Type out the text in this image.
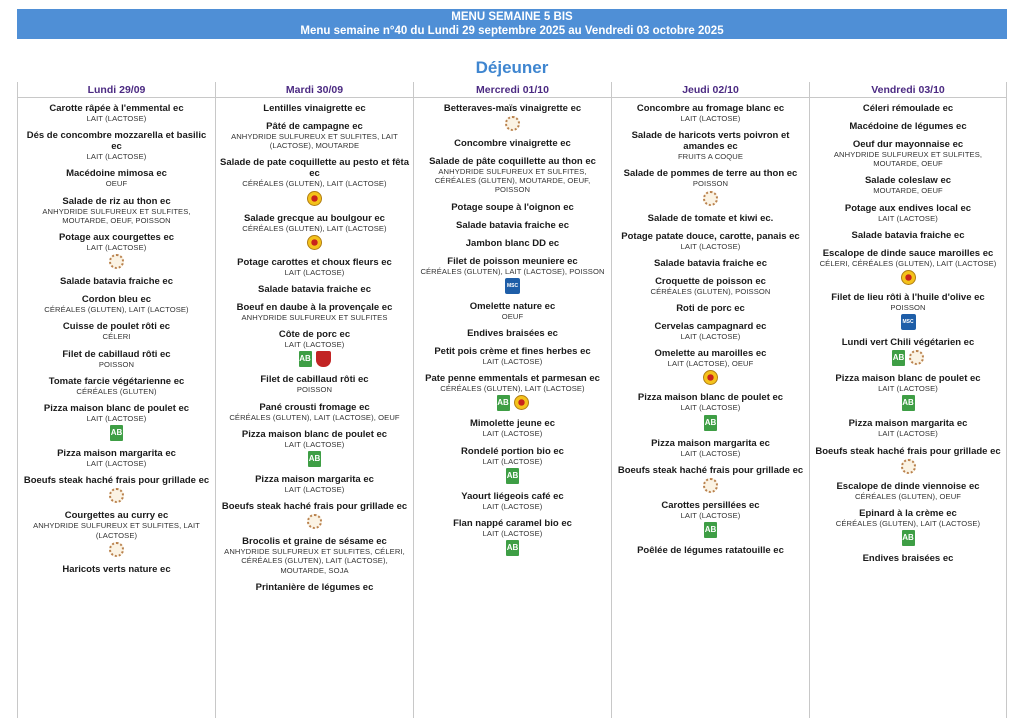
MENU SEMAINE 5 BIS
Menu semaine n°40 du Lundi 29 septembre 2025 au Vendredi 03 octobre 2025
Déjeuner
Lundi 29/09
Carotte râpée à l'emmental ec
LAIT (LACTOSE)
Dés de concombre mozzarella et basilic ec
LAIT (LACTOSE)
Macédoine mimosa ec
OEUF
Salade de riz au thon ec
ANHYDRIDE SULFUREUX ET SULFITES, MOUTARDE, OEUF, POISSON
Potage aux courgettes ec
LAIT (LACTOSE)
Salade batavia fraiche ec
Cordon bleu ec
CÉRÉALES (GLUTEN), LAIT (LACTOSE)
Cuisse de poulet rôti ec
CÉLERI
Filet de cabillaud rôti ec
POISSON
Tomate farcie végétarienne ec
CÉRÉALES (GLUTEN)
Pizza maison blanc de poulet ec
LAIT (LACTOSE)
AB
Pizza maison margarita ec
LAIT (LACTOSE)
Boeufs steak haché frais pour grillade ec
Courgettes au curry ec
ANHYDRIDE SULFUREUX ET SULFITES, LAIT (LACTOSE)
Haricots verts nature ec
Mardi 30/09
Lentilles vinaigrette ec
Pâté de campagne ec
ANHYDRIDE SULFUREUX ET SULFITES, LAIT (LACTOSE), MOUTARDE
Salade de pate coquillette au pesto et fêta ec
CÉRÉALES (GLUTEN), LAIT (LACTOSE)
Salade grecque au boulgour ec
CÉRÉALES (GLUTEN), LAIT (LACTOSE)
Potage carottes et choux fleurs ec
LAIT (LACTOSE)
Salade batavia fraiche ec
Boeuf en daube à la provençale ec
ANHYDRIDE SULFUREUX ET SULFITES
Côte de porc ec
LAIT (LACTOSE)
AB
Filet de cabillaud rôti ec
POISSON
Pané crousti fromage ec
CÉRÉALES (GLUTEN), LAIT (LACTOSE), OEUF
Pizza maison blanc de poulet ec
LAIT (LACTOSE)
AB
Pizza maison margarita ec
LAIT (LACTOSE)
Boeufs steak haché frais pour grillade ec
Brocolis et graine de sésame ec
ANHYDRIDE SULFUREUX ET SULFITES, CÉLERI, CÉRÉALES (GLUTEN), LAIT (LACTOSE), MOUTARDE, SOJA
Printanière de légumes ec
Mercredi 01/10
Betteraves-maïs vinaigrette ec
Concombre vinaigrette ec
Salade de pâte coquillette au thon ec
ANHYDRIDE SULFUREUX ET SULFITES, CÉRÉALES (GLUTEN), MOUTARDE, OEUF, POISSON
Potage soupe à l'oignon ec
Salade batavia fraiche ec
Jambon blanc DD ec
Filet de poisson meuniere ec
CÉRÉALES (GLUTEN), LAIT (LACTOSE), POISSON
MSC
Omelette nature ec
OEUF
Endives braisées ec
Petit pois crème et fines herbes ec
LAIT (LACTOSE)
Pate penne emmentals et parmesan ec
CÉRÉALES (GLUTEN), LAIT (LACTOSE)
AB
Mimolette jeune ec
LAIT (LACTOSE)
Rondelé portion bio ec
LAIT (LACTOSE)
AB
Yaourt liégeois café ec
LAIT (LACTOSE)
Flan nappé caramel bio ec
LAIT (LACTOSE)
AB
Jeudi 02/10
Concombre au fromage blanc ec
LAIT (LACTOSE)
Salade de haricots verts poivron et amandes ec
FRUITS A COQUE
Salade de pommes de terre au thon ec
POISSON
Salade de tomate et kiwi ec.
Potage patate douce, carotte, panais ec
LAIT (LACTOSE)
Salade batavia fraiche ec
Croquette de poisson ec
CÉRÉALES (GLUTEN), POISSON
Roti de porc ec
Cervelas campagnard ec
LAIT (LACTOSE)
Omelette au maroilles ec
LAIT (LACTOSE), OEUF
Pizza maison blanc de poulet ec
LAIT (LACTOSE)
AB
Pizza maison margarita ec
LAIT (LACTOSE)
Boeufs steak haché frais pour grillade ec
Carottes persillées ec
LAIT (LACTOSE)
AB
Poêlée de légumes ratatouille ec
Vendredi 03/10
Céleri rémoulade ec
Macédoine de légumes ec
Oeuf dur mayonnaise ec
ANHYDRIDE SULFUREUX ET SULFITES, MOUTARDE, OEUF
Salade coleslaw ec
MOUTARDE, OEUF
Potage aux endives local ec
LAIT (LACTOSE)
Salade batavia fraiche ec
Escalope de dinde sauce maroilles ec
CÉLERI, CÉRÉALES (GLUTEN), LAIT (LACTOSE)
Filet de lieu rôti à l'huile d'olive ec
POISSON
MSC
Lundi vert Chili végétarien ec
AB
Pizza maison blanc de poulet ec
LAIT (LACTOSE)
AB
Pizza maison margarita ec
LAIT (LACTOSE)
Boeufs steak haché frais pour grillade ec
Escalope de dinde viennoise ec
CÉRÉALES (GLUTEN), OEUF
Epinard à la crème ec
CÉRÉALES (GLUTEN), LAIT (LACTOSE)
AB
Endives braisées ec
